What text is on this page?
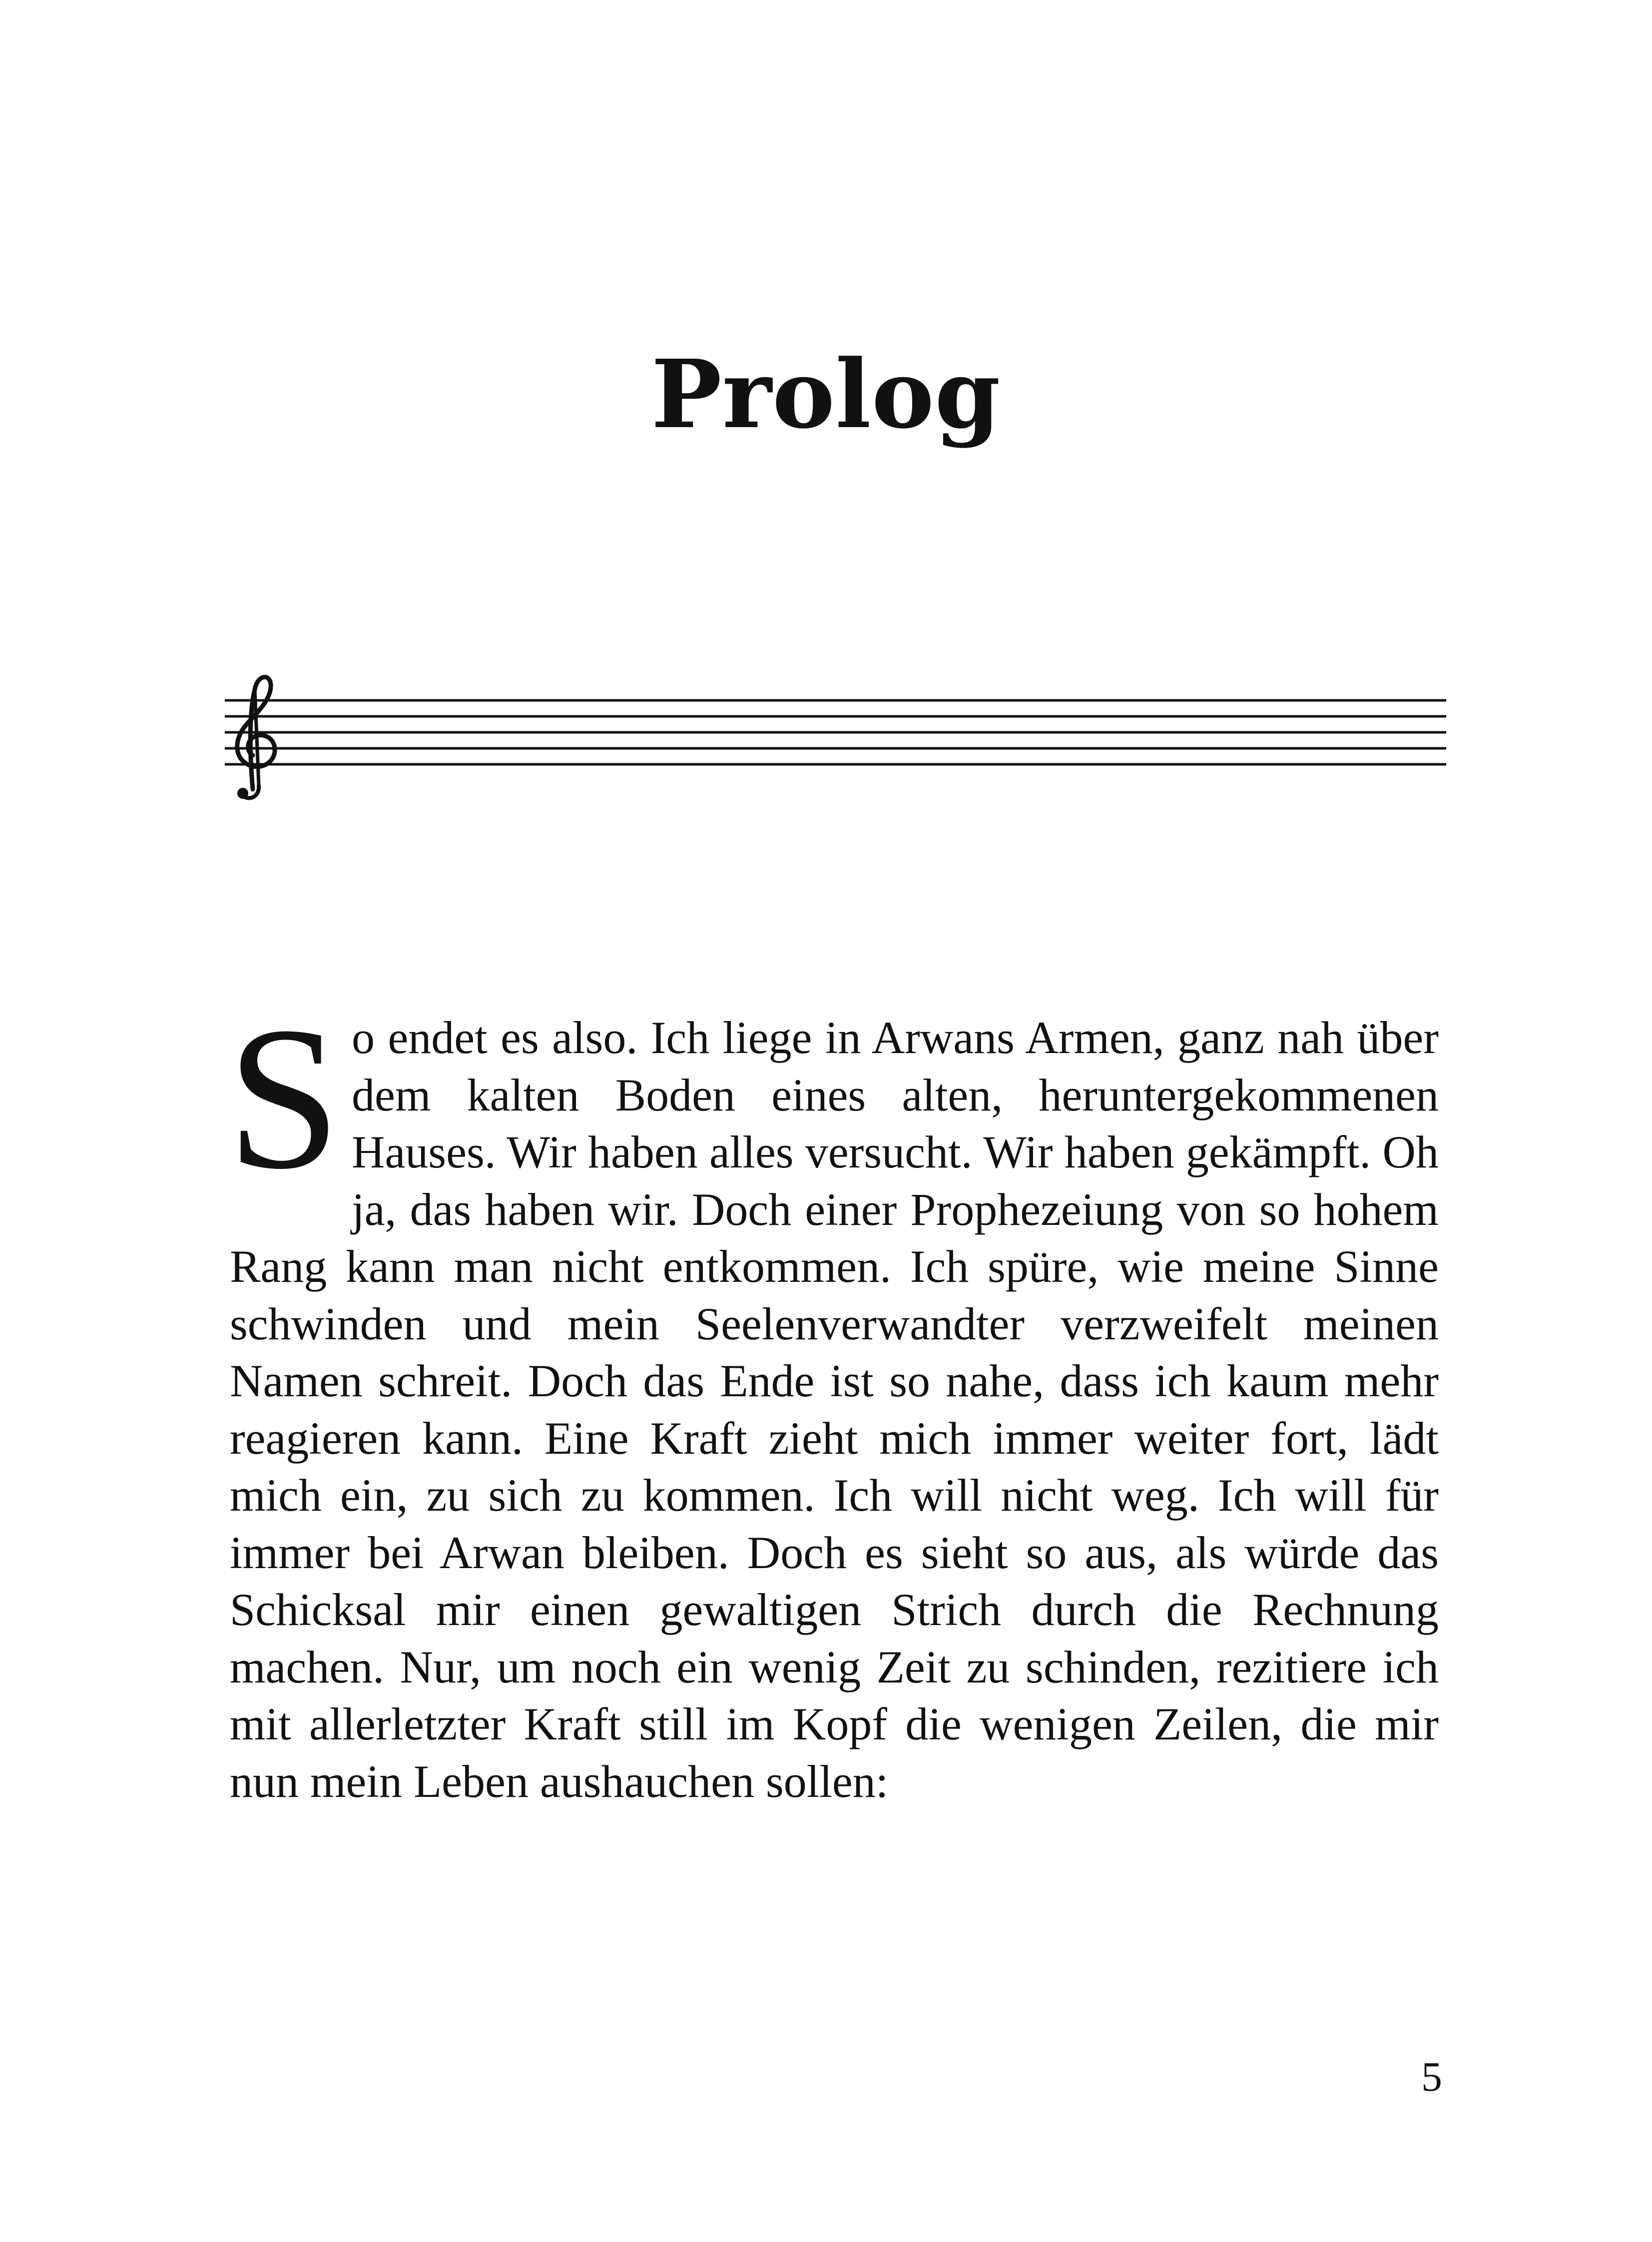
Prolog

So endet es also. Ich liege in Arwans Armen, ganz nah über dem kalten Boden eines alten, heruntergekommenen Hauses. Wir haben alles versucht. Wir haben gekämpft. Oh ja, das haben wir. Doch einer Prophezeiung von so hohem Rang kann man nicht entkommen. Ich spüre, wie meine Sinne schwinden und mein Seelenverwandter verzweifelt meinen Namen schreit. Doch das Ende ist so nahe, dass ich kaum mehr reagieren kann. Eine Kraft zieht mich immer weiter fort, lädt mich ein, zu sich zu kommen. Ich will nicht weg. Ich will für immer bei Arwan bleiben. Doch es sieht so aus, als würde das Schicksal mir einen gewaltigen Strich durch die Rechnung machen. Nur, um noch ein wenig Zeit zu schinden, rezitiere ich mit allerletzter Kraft still im Kopf die wenigen Zeilen, die mir nun mein Leben aushauchen sollen:

5
